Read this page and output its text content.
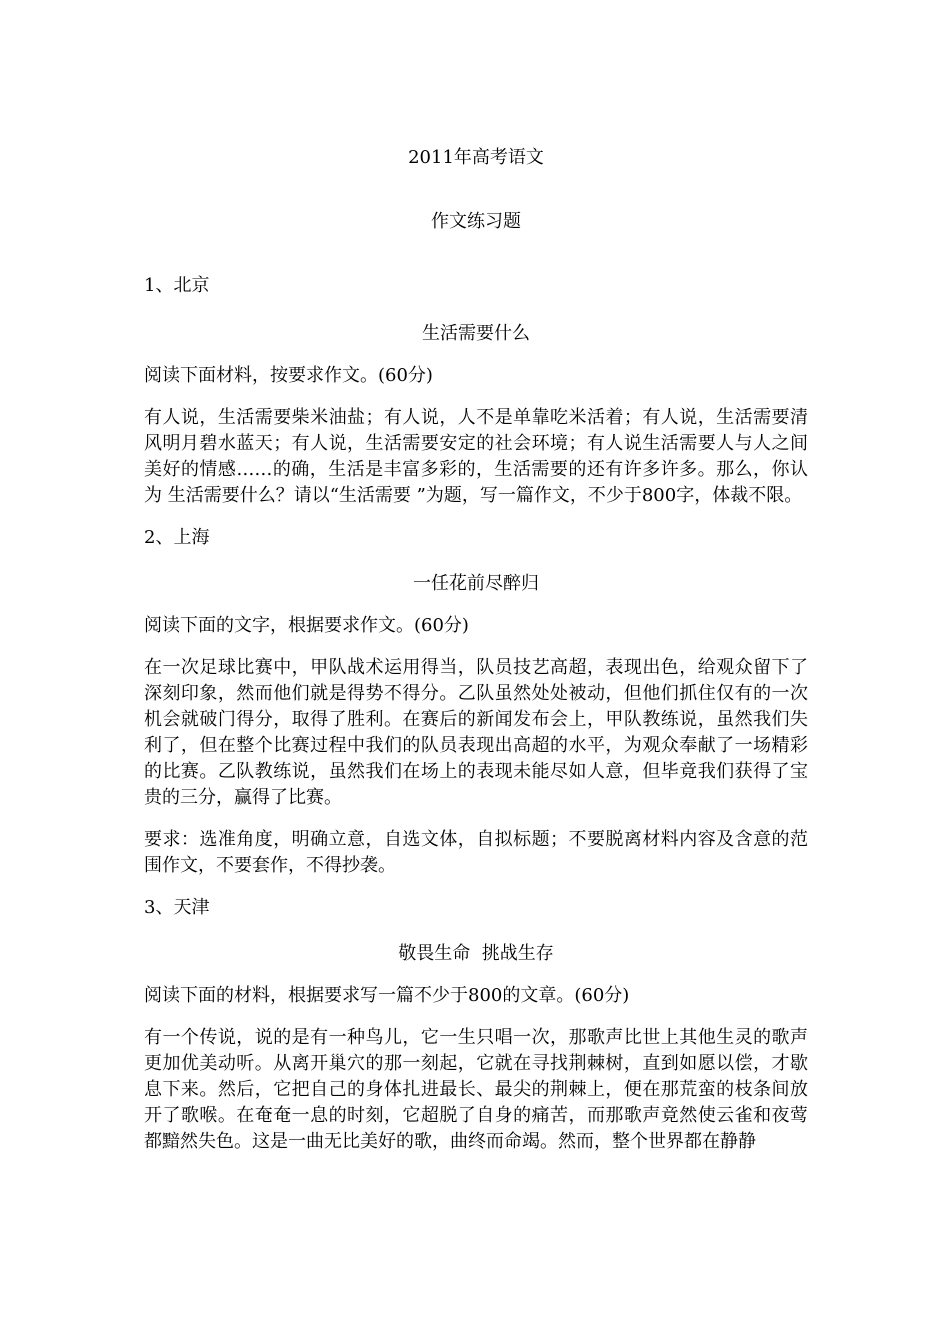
2011年高考语文

作文练习题

1、北京

生活需要什么

阅读下面材料，按要求作文。(60分)

有人说，生活需要柴米油盐；有人说，人不是单靠吃米活着；有人说，生活需要清风明月碧水蓝天；有人说，生活需要安定的社会环境；有人说生活需要人与人之间美好的情感……的确，生活是丰富多彩的，生活需要的还有许多许多。那么，你认为 生活需要什么？请以“生活需要 ”为题，写一篇作文，不少于800字，体裁不限。

2、上海

一任花前尽醉归

阅读下面的文字，根据要求作文。(60分)

在一次足球比赛中，甲队战术运用得当，队员技艺高超，表现出色，给观众留下了深刻印象，然而他们就是得势不得分。乙队虽然处处被动，但他们抓住仅有的一次机会就破门得分，取得了胜利。在赛后的新闻发布会上，甲队教练说，虽然我们失利了，但在整个比赛过程中我们的队员表现出高超的水平，为观众奉献了一场精彩的比赛。乙队教练说，虽然我们在场上的表现未能尽如人意，但毕竟我们获得了宝贵的三分，赢得了比赛。

要求：选准角度，明确立意，自选文体，自拟标题；不要脱离材料内容及含意的范围作文，不要套作，不得抄袭。

3、天津

敬畏生命  挑战生存

阅读下面的材料，根据要求写一篇不少于800的文章。(60分)

有一个传说，说的是有一种鸟儿，它一生只唱一次，那歌声比世上其他生灵的歌声更加优美动听。从离开巢穴的那一刻起，它就在寻找荆棘树，直到如愿以偿，才歇息下来。然后，它把自己的身体扎进最长、最尖的荆棘上，便在那荒蛮的枝条间放开了歌喉。在奄奄一息的时刻，它超脱了自身的痛苦，而那歌声竟然使云雀和夜莺都黯然失色。这是一曲无比美好的歌，曲终而命竭。然而，整个世界都在静静
